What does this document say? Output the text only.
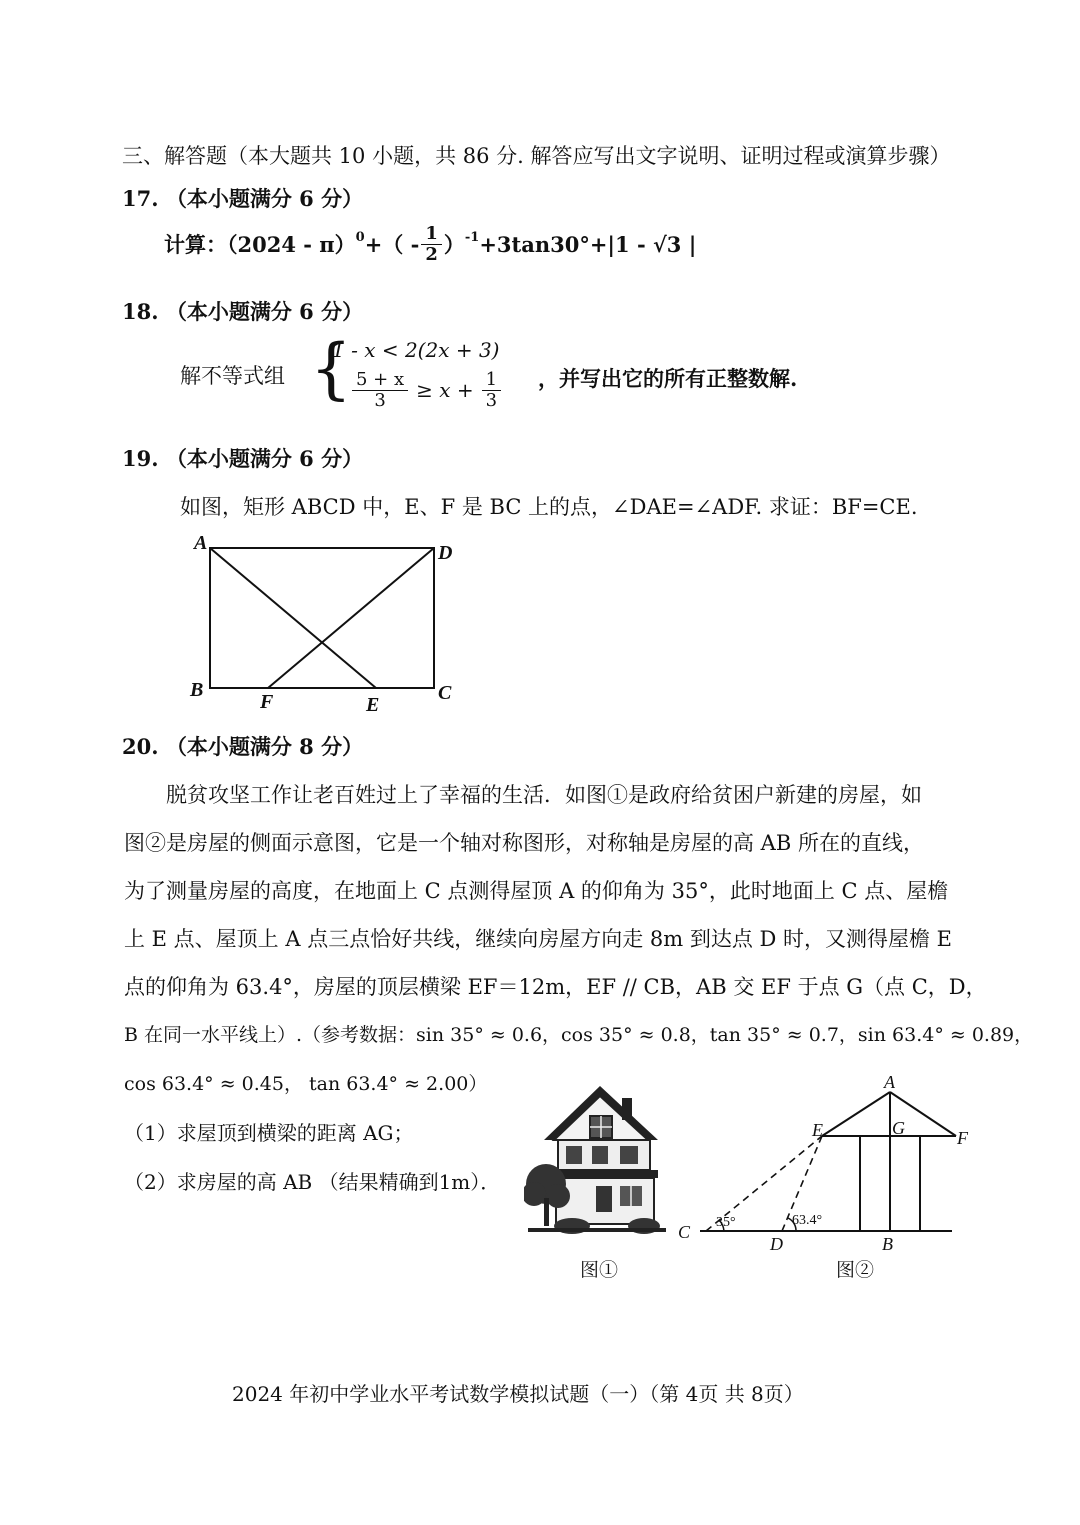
三、解答题（本大题共 10 小题，共 86 分. 解答应写出文字说明、证明过程或演算步骤）
17. （本小题满分 6 分）
计算：（2024 - π） 0 +（ - $\frac{1}{2}$ ） -1 +3tan30°+|1 - √3 |
18. （本小题满分 6 分）
解不等式组 {
1 - x < 2(2x + 3)
$\frac{5 + x}{3} \ge x + \frac{1}{3}$ ，并写出它的所有正整数解.
19. （本小题满分 6 分）
如图，矩形 ABCD 中，E、F 是 BC 上的点，∠DAE=∠ADF. 求证：BF=CE.
A	D
B	C
F	E
20. （本小题满分 8 分）
脱贫攻坚工作让老百姓过上了幸福的生活．如图①是政府给贫困户新建的房屋，如
图②是房屋的侧面示意图，它是一个轴对称图形，对称轴是房屋的高 AB 所在的直线，
为了测量房屋的高度，在地面上 C 点测得屋顶 A 的仰角为 35°，此时地面上 C 点、屋檐
上 E 点、屋顶上 A 点三点恰好共线，继续向房屋方向走 8m 到达点 D 时，又测得屋檐 E
点的仰角为 63.4°，房屋的顶层横梁 EF＝12m，EF // CB，AB 交 EF 于点 G（点 C，D，
B 在同一水平线上）.（参考数据：sin 35° ≈ 0.6，cos 35° ≈ 0.8，tan 35° ≈ 0.7，sin 63.4° ≈ 0.89，
cos 63.4° ≈ 0.45， tan 63.4° ≈ 2.00）
（1）求屋顶到横梁的距离 AG；
（2）求房屋的高 AB （结果精确到1m）．
图①
A
E	G	F
C
D	B
35°	63.4°
图②
2024 年初中学业水平考试数学模拟试题（一）（第 4页 共 8页）
